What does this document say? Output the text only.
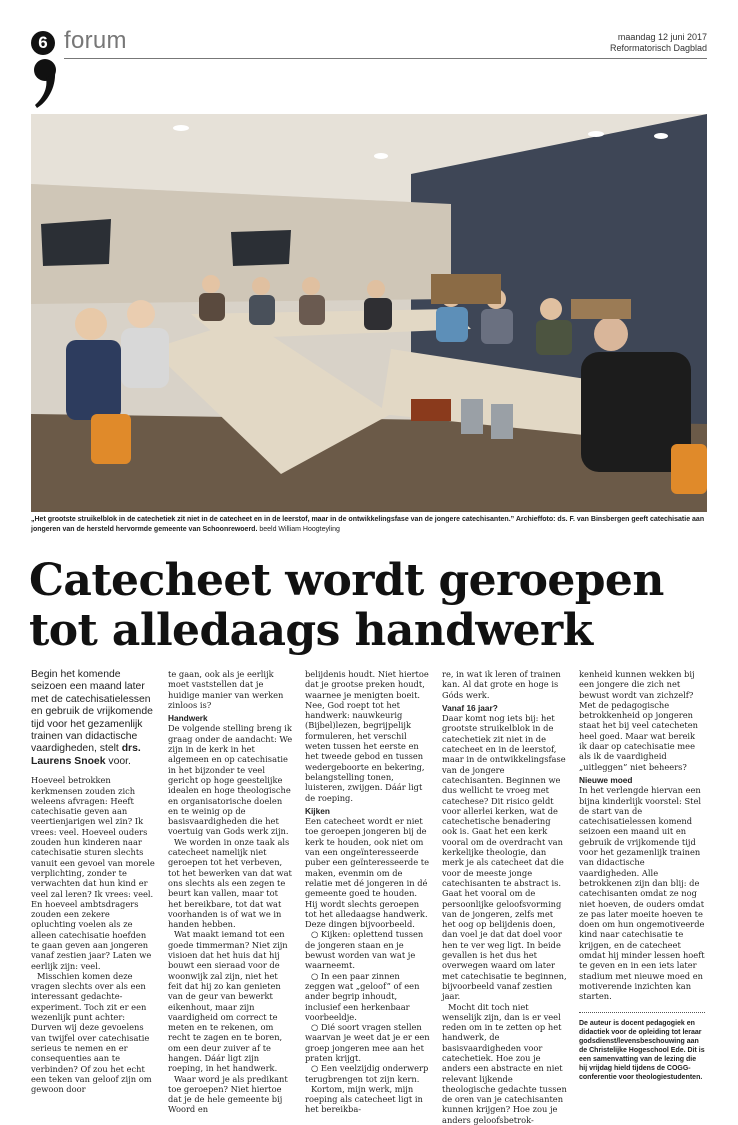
6 forum	maandag 12 juni 2017
Reformatorisch Dagblad
„Het grootste struikelblok in de catechetiek zit niet in de catecheet en in de leerstof, maar in de ontwikkelingsfase van de jongere catechisanten.” Archieffoto: ds. F. van Binsbergen geeft catechisatie aan jongeren van de hersteld hervormde gemeente van Schoonrewoerd. beeld William Hoogteyling
Catecheet wordt geroepen tot alledaags handwerk
Begin het komende seizoen een maand later met de catechisatielessen en gebruik de vrijkomende tijd voor het gezamenlijk trainen van didactische vaardigheden, stelt drs. Laurens Snoek voor.

Hoeveel betrokken kerkmensen zouden zich weleens afvragen: Heeft catechisatie geven aan veertienjarigen wel zin? Ik vrees: veel. Hoeveel ouders zouden hun kinderen naar catechisatie sturen slechts vanuit een gevoel van morele verplichting, zonder te verwachten dat hun kind er veel zal leren? Ik vrees: veel. En hoeveel ambtsdragers zouden een zekere opluchting voelen als ze alleen catechisatie hoefden te gaan geven aan jongeren vanaf zestien jaar? Laten we eerlijk zijn: veel.

Misschien komen deze vragen slechts over als een interessant gedachte-experiment. Toch zit er een wezenlijk punt achter: Durven wij deze gevoelens van twijfel over catechisatie serieus te nemen en er consequenties aan te verbinden? Of zou het echt een teken van geloof zijn om gewoon door

te gaan, ook als je eerlijk moet vaststellen dat je huidige manier van werken zinloos is?

Handwerk

De volgende stelling breng ik graag onder de aandacht: We zijn in de kerk in het algemeen en op catechisatie in het bijzonder te veel gericht op hoge geestelijke idealen en hoge theologische en organisatorische doelen en te weinig op de basisvaardigheden die het voertuig van Gods werk zijn.

We worden in onze taak als catecheet namelijk niet geroepen tot het verbeven, tot het bewerken van dat wat ons slechts als een zegen te beurt kan vallen, maar tot het bereikbare, tot dat wat voorhanden is of wat we in handen hebben.

Wat maakt iemand tot een goede timmerman? Niet zijn visioen dat het huis dat hij bouwt een sieraad voor de woonwijk zal zijn, niet het feit dat hij zo kan genieten van de geur van bewerkt eikenhout, maar zijn vaardigheid om correct te meten en te rekenen, om recht te zagen en te boren, om een deur zuiver af te hangen. Dáár ligt zijn roeping, in het handwerk.

Waar word je als predikant toe geroepen? Niet hiertoe dat je de hele gemeente bij Woord en

belijdenis houdt. Niet hiertoe dat je grootse preken houdt, waarnee je menigten boeit. Nee, God roept tot het handwerk: nauwkeurig (Bijbel)lezen, begrijpelijk formuleren, het verschil weten tussen het eerste en het tweede gebod en tussen wedergeboorte en bekering, belangstelling tonen, luisteren, zwijgen. Dáár ligt de roeping.

Kijken

Een catecheet wordt er niet toe geroepen jongeren bij de kerk te houden, ook niet om van een ongeïnteresseerde puber een geïnteresseerde te maken, evenmin om de relatie met dé jongeren in dé gemeente goed te houden. Hij wordt slechts geroepen tot het alledaagse handwerk. Deze dingen bijvoorbeeld.

○ Kijken: oplettend tussen de jongeren staan en je bewust worden van wat je waarneemt.

○ In een paar zinnen zeggen wat „geloof” of een ander begrip inhoudt, inclusief een herkenbaar voorbeeldje.

○ Dié soort vragen stellen waarvan je weet dat je er een groep jongeren mee aan het praten krijgt.

○ Een veelzijdig onderwerp terugbrengen tot zijn kern.

Kortom, mijn werk, mijn roeping als catecheet ligt in het bereikba-

re, in wat ik leren of trainen kan. Al dat grote en hoge is Góds werk.

Vanaf 16 jaar?

Daar komt nog iets bij: het grootste struikelblok in de catechetiek zit niet in de catecheet en in de leerstof, maar in de ontwikkelingsfase van de jongere catechisanten. Beginnen we dus wellicht te vroeg met catechese? Dit risico geldt voor allerlei kerken, wat de catechetische benadering ook is. Gaat het een kerk vooral om de overdracht van kerkelijke theologie, dan merk je als catecheet dat die voor de meeste jonge catechisanten te abstract is. Gaat het vooral om de persoonlijke geloofsvorming van de jongeren, zelfs met het oog op belijdenis doen, dan voel je dat dat doel voor hen te ver weg ligt. In beide gevallen is het dus het overwegen waard om later met catechisatie te beginnen, bijvoorbeeld vanaf zestien jaar.

Mocht dit toch niet wenselijk zijn, dan is er veel reden om in te zetten op het handwerk, de basisvaardigheden voor catechetiek. Hoe zou je anders een abstracte en niet relevant lijkende theologische gedachte tussen de oren van je catechisanten kunnen krijgen? Hoe zou je anders geloofsbetrok-

kenheid kunnen wekken bij een jongere die zich net bewust wordt van zichzelf? Met de pedagogische betrokkenheid op jongeren staat het bij veel catecheten heel goed. Maar wat bereik ik daar op catechisatie mee als ik de vaardigheid „uitleggen” niet beheers?

Nieuwe moed

In het verlengde hiervan een bijna kinderlijk voorstel: Stel de start van de catechisatielessen komend seizoen een maand uit en gebruik de vrijkomende tijd voor het gezamenlijk trainen van didactische vaardigheden. Alle betrokkenen zijn dan blij: de catechisanten omdat ze nog niet hoeven, de ouders omdat ze pas later moeite hoeven te doen om hun ongemotiveerde kind naar catechisatie te krijgen, en de catecheet omdat hij minder lessen hoeft te geven en in een iets later stadium met nieuwe moed en motiverende inzichten kan starten.

De auteur is docent pedagogiek en didactiek voor de opleiding tot leraar godsdienst/levensbeschouwing aan de Christelijke Hogeschool Ede. Dit is een samenvatting van de lezing die hij vrijdag hield tijdens de COGG-conferentie voor theologiestudenten.
